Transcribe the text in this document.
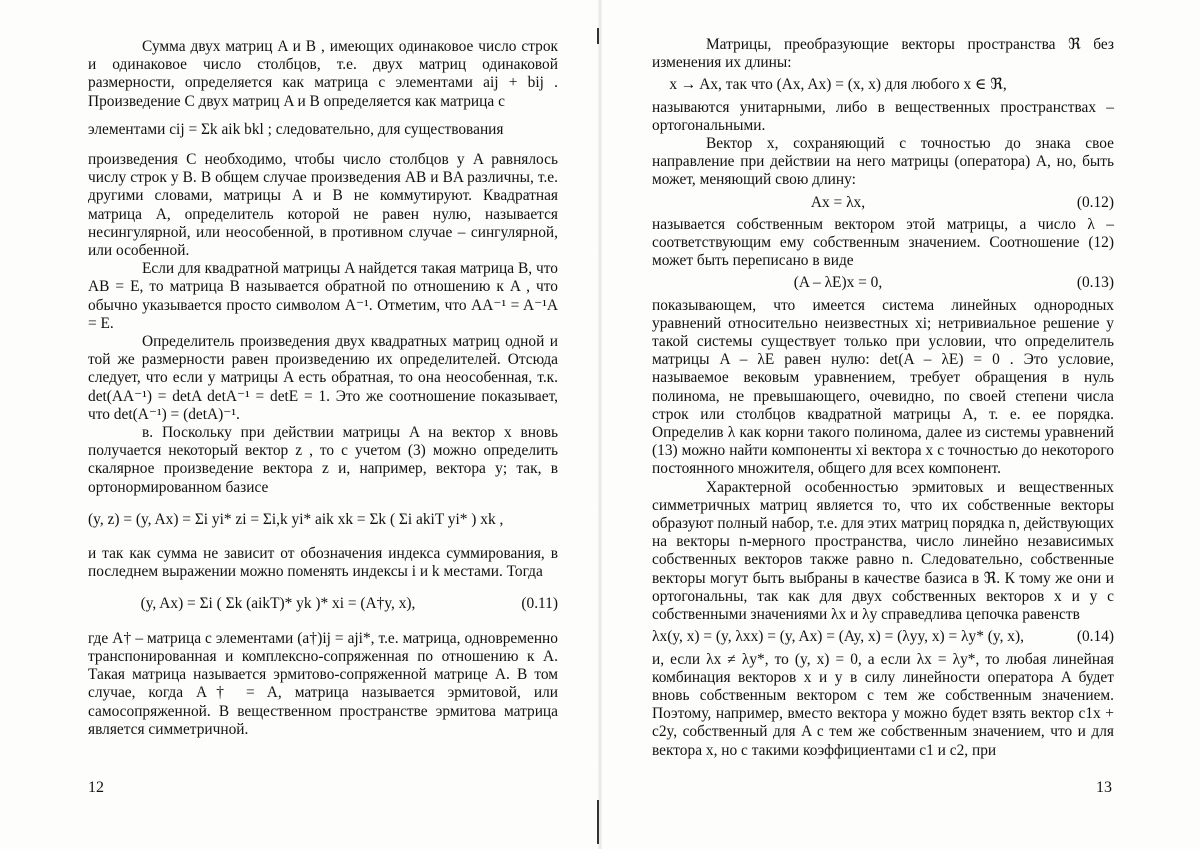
Сумма двух матриц A и B , имеющих одинаковое число строк и одинаковое число столбцов, т.е. двух матриц одинаковой размерности, определяется как матрица с элементами aij + bij . Произведение C двух матриц A и B определяется как матрица с

элементами cij = Σk aik bkl ; следовательно, для существования

произведения C необходимо, чтобы число столбцов у A равнялось числу строк у B. В общем случае произведения AB и BA различны, т.е. другими словами, матрицы A и B не коммутируют. Квадратная матрица A, определитель которой не равен нулю, называется несингулярной, или неособенной, в противном случае – сингулярной, или особенной.

Если для квадратной матрицы A найдется такая матрица B, что AB = E, то матрица B называется обратной по отношению к A , что обычно указывается просто символом A⁻¹. Отметим, что AA⁻¹ = A⁻¹A = E.

Определитель произведения двух квадратных матриц одной и той же размерности равен произведению их определителей. Отсюда следует, что если у матрицы A есть обратная, то она неособенная, т.к. det(AA⁻¹) = detA detA⁻¹ = detE = 1. Это же соотношение показывает, что det(A⁻¹) = (detA)⁻¹.

в. Поскольку при действии матрицы A на вектор x вновь получается некоторый вектор z , то с учетом (3) можно определить скалярное произведение вектора z и, например, вектора y; так, в ортонормированном базисе

(y, z) = (y, Ax) = Σi yi* zi = Σi,k yi* aik xk = Σk ( Σi akiT yi* ) xk ,

и так как сумма не зависит от обозначения индекса суммирования, в последнем выражении можно поменять индексы i и k местами. Тогда

(y, Ax) = Σi ( Σk (aikT)* yk )* xi = (A†y, x),	(0.11)

где A† – матрица с элементами (a†)ij = aji*, т.е. матрица, одновременно транспонированная и комплексно-сопряженная по отношению к A. Такая матрица называется эрмитово-сопряженной матрице A. В том случае, когда A† = A, матрица называется эрмитовой, или самосопряженной. В вещественном пространстве эрмитова матрица является симметричной.

12

Матрицы, преобразующие векторы пространства ℜ без изменения их длины:

x → Ax, так что (Ax, Ax) = (x, x) для любого x ∈ ℜ,

называются унитарными, либо в вещественных пространствах – ортогональными.

Вектор x, сохраняющий с точностью до знака свое направление при действии на него матрицы (оператора) A, но, быть может, меняющий свою длину:

Ax = λx,	(0.12)

называется собственным вектором этой матрицы, а число λ – соответствующим ему собственным значением. Соотношение (12) может быть переписано в виде

(A – λE)x = 0,	(0.13)

показывающем, что имеется система линейных однородных уравнений относительно неизвестных xi; нетривиальное решение у такой системы существует только при условии, что определитель матрицы A – λE равен нулю: det(A – λE) = 0 . Это условие, называемое вековым уравнением, требует обращения в нуль полинома, не превышающего, очевидно, по своей степени числа строк или столбцов квадратной матрицы A, т. е. ее порядка. Определив λ как корни такого полинома, далее из системы уравнений (13) можно найти компоненты xi вектора x с точностью до некоторого постоянного множителя, общего для всех компонент.

Характерной особенностью эрмитовых и вещественных симметричных матриц является то, что их собственные векторы образуют полный набор, т.е. для этих матриц порядка n, действующих на векторы n-мерного пространства, число линейно независимых собственных векторов также равно n. Следовательно, собственные векторы могут быть выбраны в качестве базиса в ℜ. К тому же они и ортогональны, так как для двух собственных векторов x и y с собственными значениями λx и λy справедлива цепочка равенств

λx(y, x) = (y, λxx) = (y, Ax) = (Ay, x) = (λyy, x) = λy* (y, x),	(0.14)

и, если λx ≠ λy*, то (y, x) = 0, а если λx = λy*, то любая линейная комбинация векторов x и y в силу линейности оператора A будет вновь собственным вектором с тем же собственным значением. Поэтому, например, вместо вектора y можно будет взять вектор c1x + c2y, собственный для A с тем же собственным значением, что и для вектора x, но с такими коэффициентами c1 и c2, при

13
